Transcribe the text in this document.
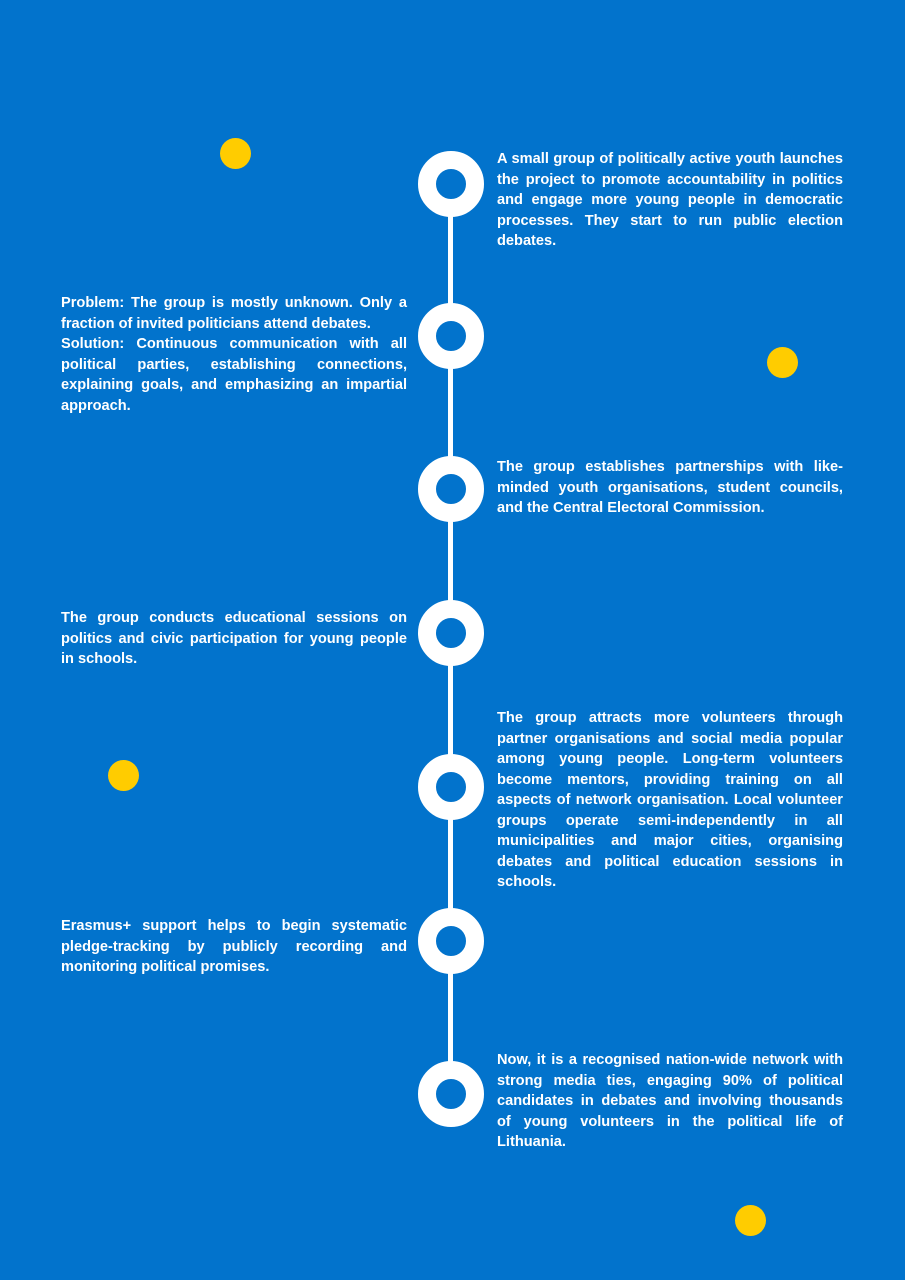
A small group of politically active youth launches the project to promote accountability in politics and engage more young people in democratic processes. They start to run public election debates.

Problem: The group is mostly unknown. Only a fraction of invited politicians attend debates.
Solution: Continuous communication with all political parties, establishing connections, explaining goals, and emphasizing an impartial approach.

The group establishes partnerships with like-minded youth organisations, student councils, and the Central Electoral Commission.

The group conducts educational sessions on politics and civic participation for young people in schools.

The group attracts more volunteers through partner organisations and social media popular among young people. Long-term volunteers become mentors, providing training on all aspects of network organisation. Local volunteer groups operate semi-independently in all municipalities and major cities, organising debates and political education sessions in schools.

Erasmus+ support helps to begin systematic pledge-tracking by publicly recording and monitoring political promises.

Now, it is a recognised nation-wide network with strong media ties, engaging 90% of political candidates in debates and involving thousands of young volunteers in the political life of Lithuania.
